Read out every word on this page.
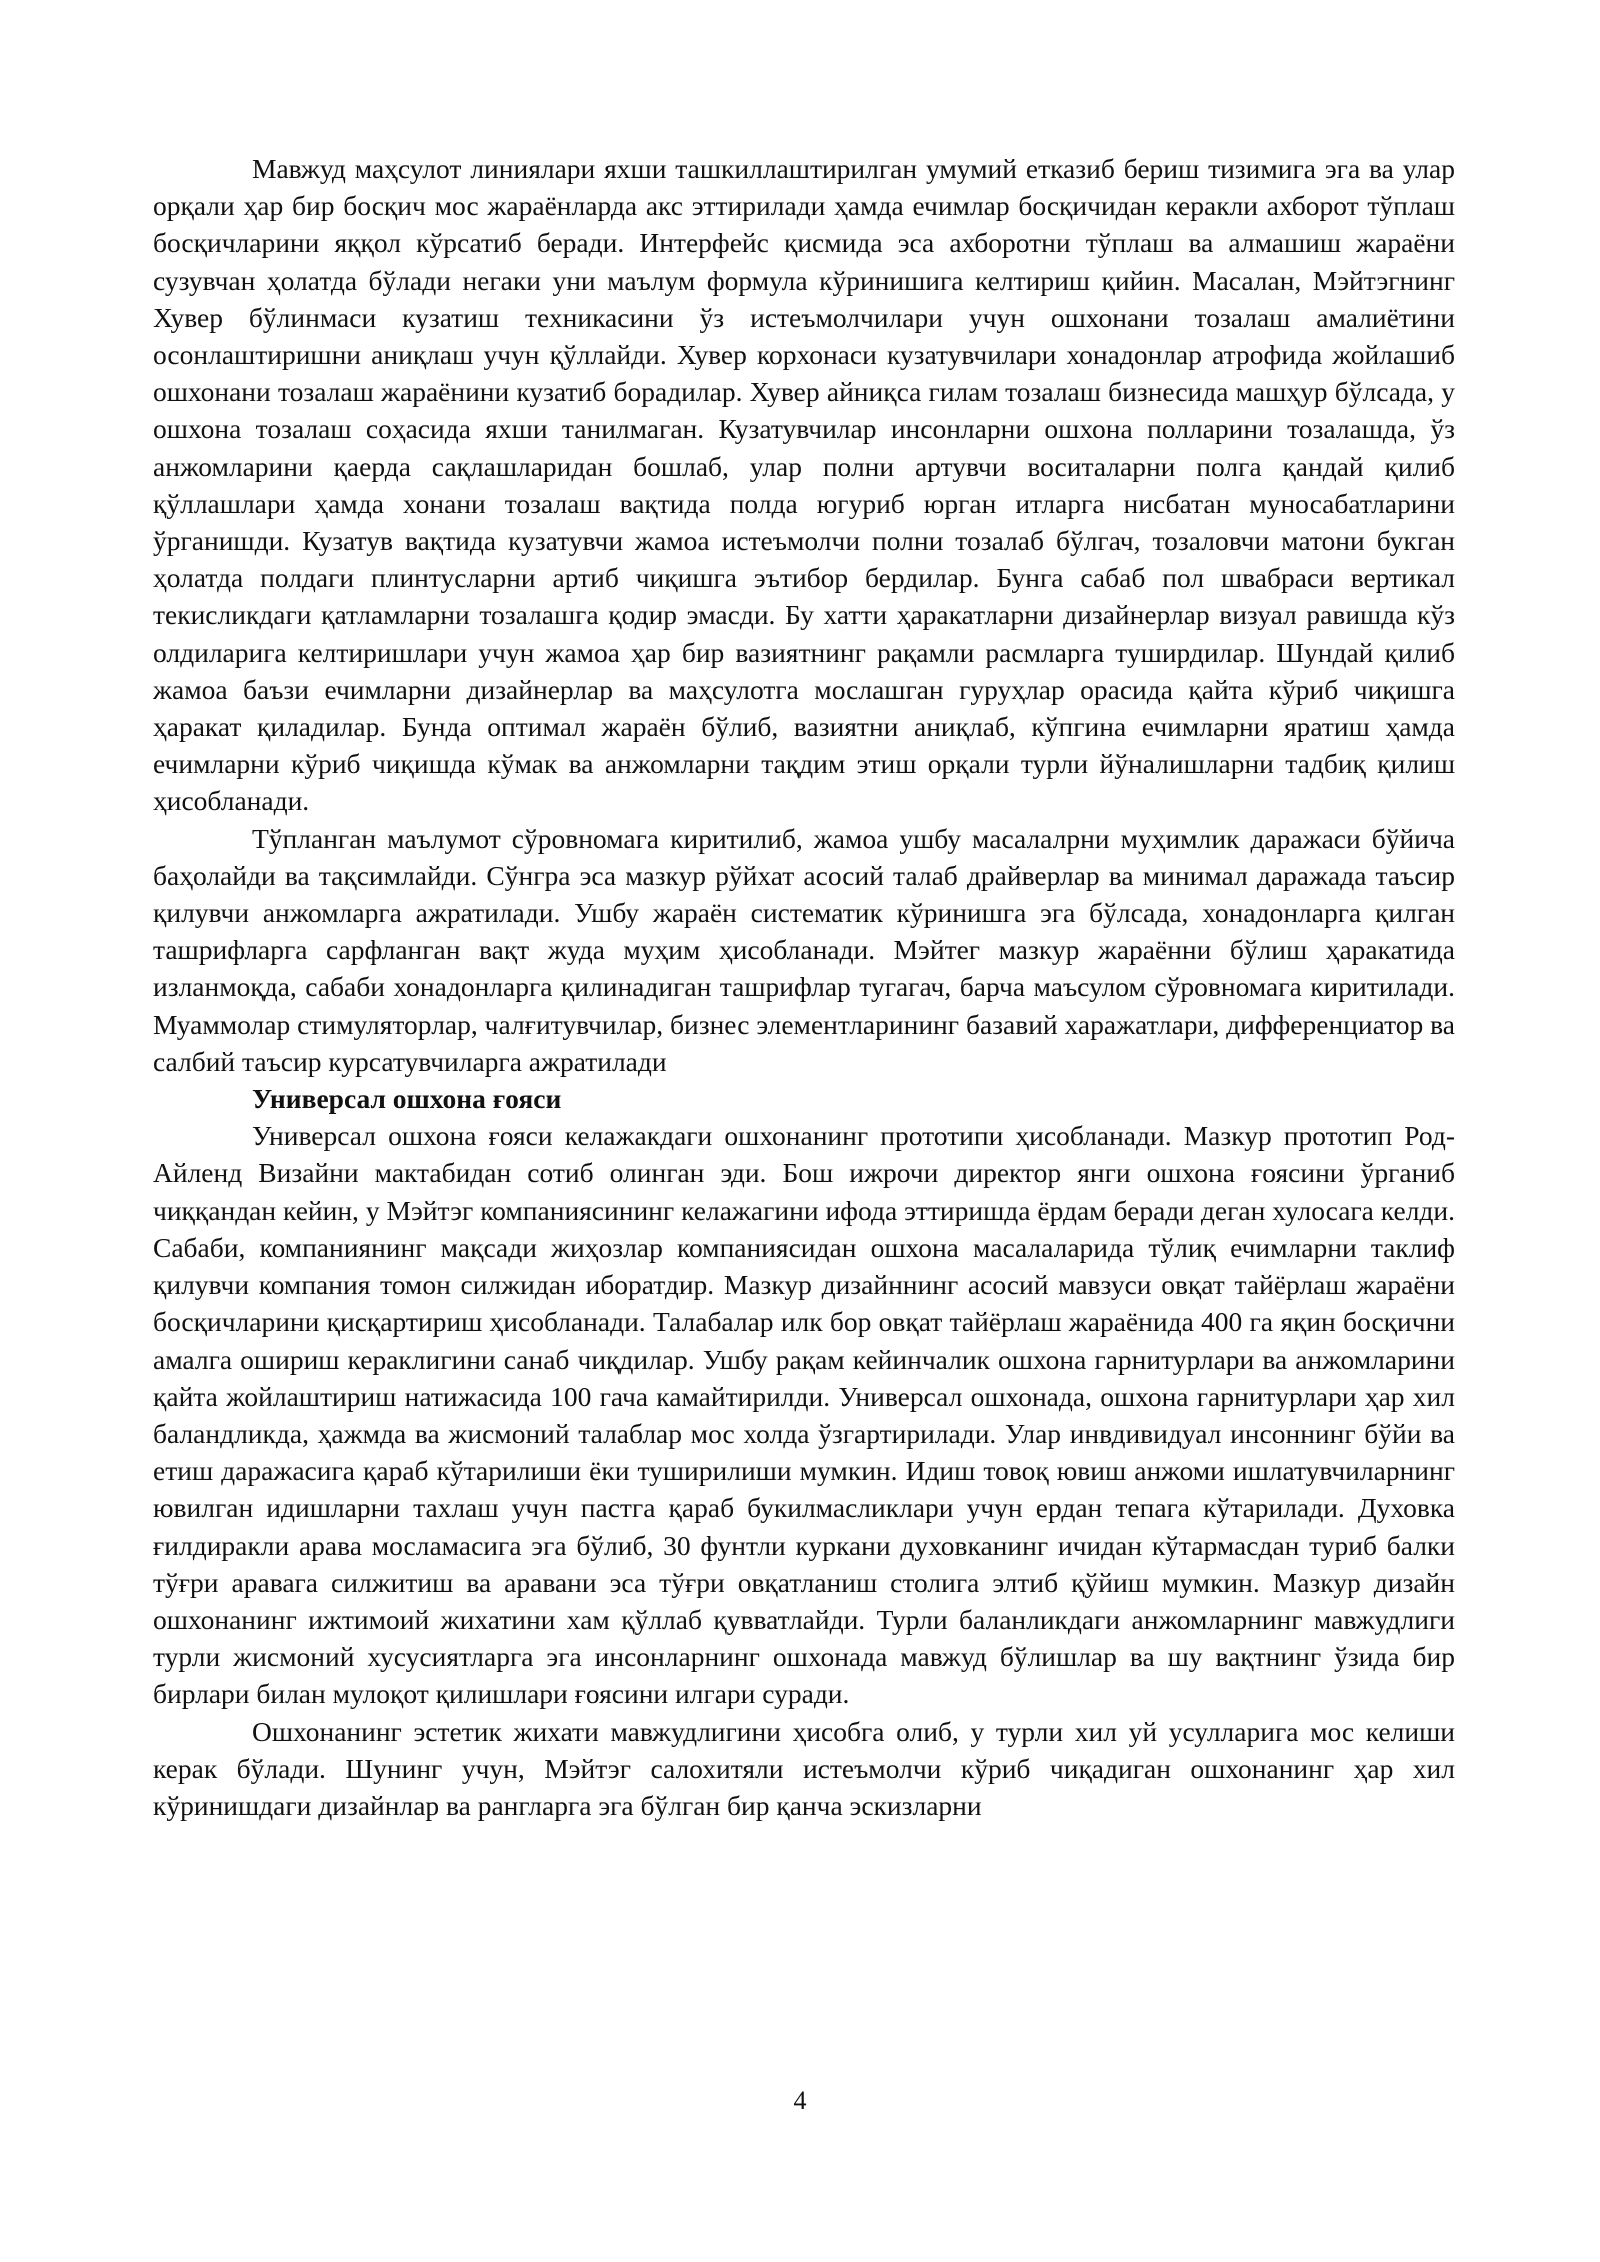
Мавжуд маҳсулот линиялари яхши ташкиллаштирилган умумий етказиб бериш тизимига эга ва улар орқали ҳар бир босқич мос жараёнларда акс эттирилади ҳамда ечимлар босқичидан керакли ахборот тўплаш босқичларини яққол кўрсатиб беради. Интерфейс қисмида эса ахборотни тўплаш ва алмашиш жараёни сузувчан ҳолатда бўлади негаки уни маълум формула кўринишига келтириш қийин. Масалан, Мэйтэгнинг Хувер бўлинмаси кузатиш техникасини ўз истеъмолчилари учун ошхонани тозалаш амалиётини осонлаштиришни аниқлаш учун қўллайди. Хувер корхонаси кузатувчилари хонадонлар атрофида жойлашиб ошхонани тозалаш жараёнини кузатиб борадилар. Хувер айниқса гилам тозалаш бизнесида машҳур бўлсада, у ошхона тозалаш соҳасида яхши танилмаган. Кузатувчилар инсонларни ошхона полларини тозалашда, ўз анжомларини қаерда сақлашларидан бошлаб, улар полни артувчи воситаларни полга қандай қилиб қўллашлари ҳамда хонани тозалаш вақтида полда югуриб юрган итларга нисбатан муносабатларини ўрганишди. Кузатув вақтида кузатувчи жамоа истеъмолчи полни тозалаб бўлгач, тозаловчи матони букган ҳолатда полдаги плинтусларни артиб чиқишга эътибор бердилар. Бунга сабаб пол швабраси вертикал текисликдаги қатламларни тозалашга қодир эмасди. Бу хатти ҳаракатларни дизайнерлар визуал равишда кўз олдиларига келтиришлари учун жамоа ҳар бир вазиятнинг рақамли расмларга туширдилар. Шундай қилиб жамоа баъзи ечимларни дизайнерлар ва маҳсулотга мослашган гуруҳлар орасида қайта кўриб чиқишга ҳаракат қиладилар. Бунда оптимал жараён бўлиб, вазиятни аниқлаб, кўпгина ечимларни яратиш ҳамда ечимларни кўриб чиқишда кўмак ва анжомларни тақдим этиш орқали турли йўналишларни тадбиқ қилиш ҳисобланади.

Тўпланган маълумот сўровномага киритилиб, жамоа ушбу масалалрни муҳимлик даражаси бўйича баҳолайди ва тақсимлайди. Сўнгра эса мазкур рўйхат асосий талаб драйверлар ва минимал даражада таъсир қилувчи анжомларга ажратилади. Ушбу жараён систематик кўринишга эга бўлсада, хонадонларга қилган ташрифларга сарфланган вақт жуда муҳим ҳисобланади. Мэйтег мазкур жараённи бўлиш ҳаракатида изланмоқда, сабаби хонадонларга қилинадиган ташрифлар тугагач, барча маъсулом сўровномага киритилади. Муаммолар стимуляторлар, чалғитувчилар, бизнес элементларининг базавий харажатлари, дифференциатор ва салбий таъсир курсатувчиларга ажратилади

Универсал ошхона ғояси

Универсал ошхона ғояси келажакдаги ошхонанинг прототипи ҳисобланади. Мазкур прототип Род-Айленд Визайни мактабидан сотиб олинган эди. Бош ижрочи директор янги ошхона ғоясини ўрганиб чиққандан кейин, у Мэйтэг компаниясининг келажагини ифода эттиришда ёрдам беради деган хулосага келди. Сабаби, компаниянинг мақсади жиҳозлар компаниясидан ошхона масалаларида тўлиқ ечимларни таклиф қилувчи компания томон силжидан иборатдир. Мазкур дизайннинг асосий мавзуси овқат тайёрлаш жараёни босқичларини қисқартириш ҳисобланади. Талабалар илк бор овқат тайёрлаш жараёнида 400 га яқин босқични амалга ошириш кераклигини санаб чиқдилар. Ушбу рақам кейинчалик ошхона гарнитурлари ва анжомларини қайта жойлаштириш натижасида 100 гача камайтирилди. Универсал ошхонада, ошхона гарнитурлари ҳар хил баландликда, ҳажмда ва жисмоний талаблар мос холда ўзгартирилади. Улар инвдивидуал инсоннинг бўйи ва етиш даражасига қараб кўтарилиши ёки туширилиши мумкин. Идиш товоқ ювиш анжоми ишлатувчиларнинг ювилган идишларни тахлаш учун пастга қараб букилмасликлари учун ердан тепага кўтарилади. Духовка ғилдиракли арава мосламасига эга бўлиб, 30 фунтли куркани духовканинг ичидан кўтармасдан туриб балки тўғри аравага силжитиш ва аравани эса тўғри овқатланиш столига элтиб қўйиш мумкин. Мазкур дизайн ошхонанинг ижтимоий жихатини хам қўллаб қувватлайди. Турли баланликдаги анжомларнинг мавжудлиги турли жисмоний хусусиятларга эга инсонларнинг ошхонада мавжуд бўлишлар ва шу вақтнинг ўзида бир бирлари билан мулоқот қилишлари ғоясини илгари суради.

Ошхонанинг эстетик жихати мавжудлигини ҳисобга олиб, у турли хил уй усулларига мос келиши керак бўлади. Шунинг учун, Мэйтэг салохитяли истеъмолчи кўриб чиқадиган ошхонанинг ҳар хил кўринишдаги дизайнлар ва рангларга эга бўлган бир қанча эскизларни

4
